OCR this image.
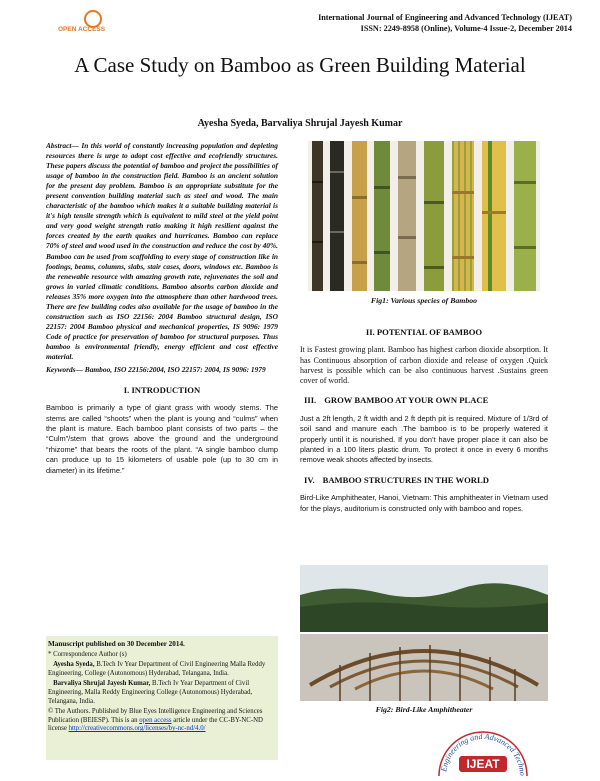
OPEN ACCESS
International Journal of Engineering and Advanced Technology (IJEAT)
ISSN: 2249-8958 (Online), Volume-4 Issue-2, December 2014
A Case Study on Bamboo as Green Building Material
Ayesha Syeda, Barvaliya Shrujal Jayesh Kumar

Abstract— In this world of constantly increasing population and depleting resources there is urge to adopt cost effective and ecofriendly structures. These papers discuss the potential of bamboo and project the possibilities of usage of bamboo in the construction field. Bamboo is an ancient solution for the present day problem. Bamboo is an appropriate substitute for the present convention building material such as steel and wood. The main characteristic of the bamboo which makes it a suitable building material is it's high tensile strength which is equivalent to mild steel at the yield point and very good weight strength ratio making it high resilient against the forces created by the earth quakes and hurricanes. Bamboo can replace 70% of steel and wood used in the construction and reduce the cost by 40%. Bamboo can be used from scaffolding to every stage of construction like in footings, beams, columns, slabs, stair cases, doors, windows etc. Bamboo is the renewable resource with amazing growth rate, rejuvenates the soil and grows in varied climatic conditions. Bamboo absorbs carbon dioxide and releases 35% more oxygen into the atmosphere than other hardwood trees. There are few building codes also available for the usage of bamboo in the construction such as ISO 22156: 2004 Bamboo structural design, ISO 22157: 2004 Bamboo physical and mechanical properties, IS 9096: 1979 Code of practice for preservation of bamboo for structural purposes. Thus bamboo is environmental friendly, energy efficient and cost effective material.

Keywords— Bamboo, ISO 22156:2004, ISO 22157: 2004, IS 9096: 1979

I. INTRODUCTION

Bamboo is primarily a type of giant grass with woody stems. The stems are called “shoots” when the plant is young and “culms” when the plant is mature. Each bamboo plant consists of two parts – the “Culm”/stem that grows above the ground and the underground “rhizome” that bears the roots of the plant. “A single bamboo clump can produce up to 15 kilometers of usable pole (up to 30 cm in diameter) in its lifetime.”

Manuscript published on 30 December 2014.

* Correspondence Author (s)

Ayesha Syeda, B.Tech Iv Year Department of Civil Engineering Malla Reddy Engineering, College (Autonomous) Hyderabad, Telangana, India.

Barvaliya Shrujal Jayesh Kumar, B.Tech Iv Year Department of Civil Engineering, Malla Reddy Engineering College (Autonomous) Hyderabad, Telangana, India.

© The Authors. Published by Blue Eyes Intelligence Engineering and Sciences Publication (BEIESP). This is an open access article under the CC-BY-NC-ND license http://creativecommons.org/licenses/by-nc-nd/4.0/

Fig1: Various species of Bamboo

II. POTENTIAL OF BAMBOO

It is Fastest growing plant. Bamboo has highest carbon dioxide absorption. It has Continuous absorption of carbon dioxide and release of oxygen .Quick harvest is possible which can be also continuous harvest .Sustains green cover of world.

III. GROW BAMBOO AT YOUR OWN PLACE

Just a 2ft length, 2 ft width and 2 ft depth pit is required. Mixture of 1/3rd of soil sand and manure each .The bamboo is to be properly watered it properly until it is nourished. If you don’t have proper place it can also be planted in a 100 liters plastic drum. To protect it once in every 6 months remove weak shoots affected by insects.

IV. BAMBOO STRUCTURES IN THE WORLD

Bird-Like Amphitheater, Hanoi, Vietnam: This amphitheater in Vietnam used for the plays, auditorium is constructed only with bamboo and ropes.

Fig2: Bird-Like Amphitheater
Engineering and Advanced Techno
IJEAT
